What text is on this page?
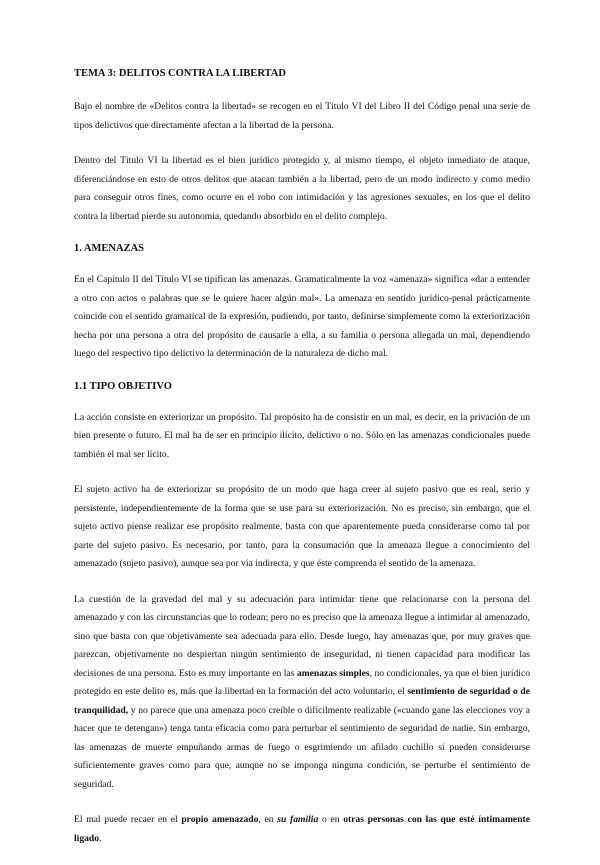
TEMA 3: DELITOS CONTRA LA LIBERTAD

Bajo el nombre de «Delitos contra la libertad» se recogen en el Título VI del Libro II del Código penal una serie de tipos delictivos que directamente afectan a la libertad de la persona.

Dentro del Título VI la libertad es el bien jurídico protegido y, al mismo tiempo, el objeto inmediato de ataque, diferenciándose en esto de otros delitos que atacan también a la libertad, pero de un modo indirecto y como medio para conseguir otros fines, como ocurre en el robo con intimidación y las agresiones sexuales, en los que el delito contra la libertad pierde su autonomía, quedando absorbido en el delito complejo.

1. AMENAZAS

En el Capítulo II del Título VI se tipifican las amenazas. Gramaticalmente la voz «amenaza» significa «dar a entender a otro con actos o palabras que se le quiere hacer algún mal». La amenaza en sentido jurídico-penal prácticamente coincide con el sentido gramatical de la expresión, pudiendo, por tanto, definirse simplemente como la exteriorización hecha por una persona a otra del propósito de causarle a ella, a su familia o persona allegada un mal, dependiendo luego del respectivo tipo delictivo la determinación de la naturaleza de dicho mal.

1.1 TIPO OBJETIVO

La acción consiste en exteriorizar un propósito. Tal propósito ha de consistir en un mal, es decir, en la privación de un bien presente o futuro. El mal ha de ser en principio ilícito, delictivo o no. Sólo en las amenazas condicionales puede también el mal ser lícito.

El sujeto activo ha de exteriorizar su propósito de un modo que haga creer al sujeto pasivo que es real, serio y persistente, independientemente de la forma que se use para su exteriorización. No es preciso, sin embargo, que el sujeto activo piense realizar ese propósito realmente, basta con que aparentemente pueda considerarse como tal por parte del sujeto pasivo. Es necesario, por tanto, para la consumación que la amenaza llegue a conocimiento del amenazado (sujeto pasivo), aunque sea por vía indirecta, y que éste comprenda el sentido de la amenaza.

La cuestión de la gravedad del mal y su adecuación para intimidar tiene que relacionarse con la persona del amenazado y con las circunstancias que lo rodean; pero no es preciso que la amenaza llegue a intimidar al amenazado, sino que basta con que objetivamente sea adecuada para ello. Desde luego, hay amenazas que, por muy graves que parezcan, objetivamente no despiertan ningún sentimiento de inseguridad, ni tienen capacidad para modificar las decisiones de una persona. Esto es muy importante en las amenazas simples, no condicionales, ya que el bien jurídico protegido en este delito es, más que la libertad en la formación del acto voluntario, el sentimiento de seguridad o de tranquilidad, y no parece que una amenaza poco creíble o difícilmente realizable («cuando gane las elecciones voy a hacer que te detengan») tenga tanta eficacia como para perturbar el sentimiento de seguridad de nadie. Sin embargo, las amenazas de muerte empuñando armas de fuego o esgrimiendo un afilado cuchillo sí pueden considerarse suficientemente graves como para que, aunque no se imponga ninguna condición, se perturbe el sentimiento de seguridad.

El mal puede recaer en el propio amenazado, en su familia o en otras personas con las que esté íntimamente ligado.
